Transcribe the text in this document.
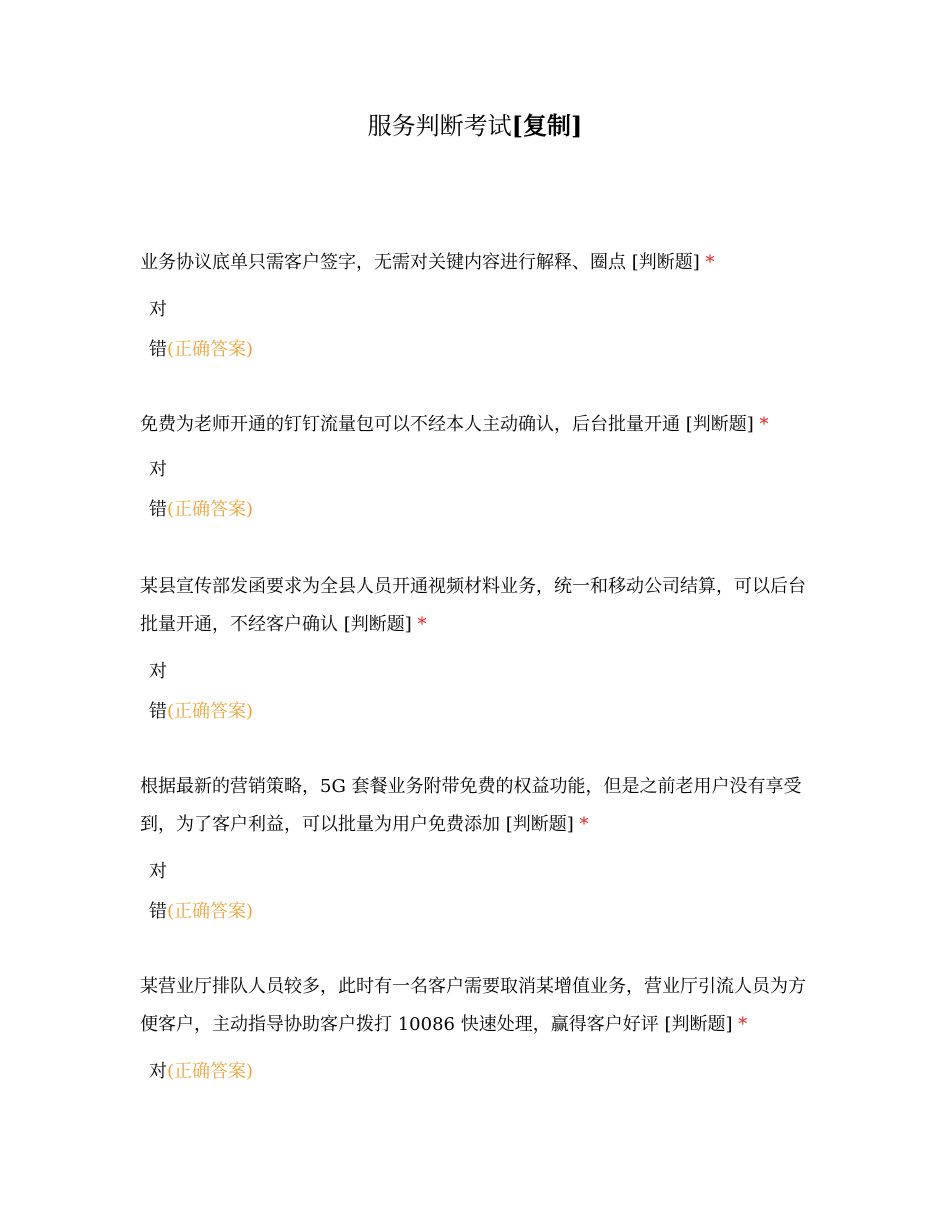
服务判断考试[复制]

业务协议底单只需客户签字，无需对关键内容进行解释、圈点 [判断题] *

对
错(正确答案)

免费为老师开通的钉钉流量包可以不经本人主动确认，后台批量开通 [判断题] *

对
错(正确答案)

某县宣传部发函要求为全县人员开通视频材料业务，统一和移动公司结算，可以后台批量开通，不经客户确认 [判断题] *

对
错(正确答案)

根据最新的营销策略，5G 套餐业务附带免费的权益功能，但是之前老用户没有享受到，为了客户利益，可以批量为用户免费添加 [判断题] *

对
错(正确答案)

某营业厅排队人员较多，此时有一名客户需要取消某增值业务，营业厅引流人员为方便客户，主动指导协助客户拨打 10086 快速处理，赢得客户好评 [判断题] *

对(正确答案)
